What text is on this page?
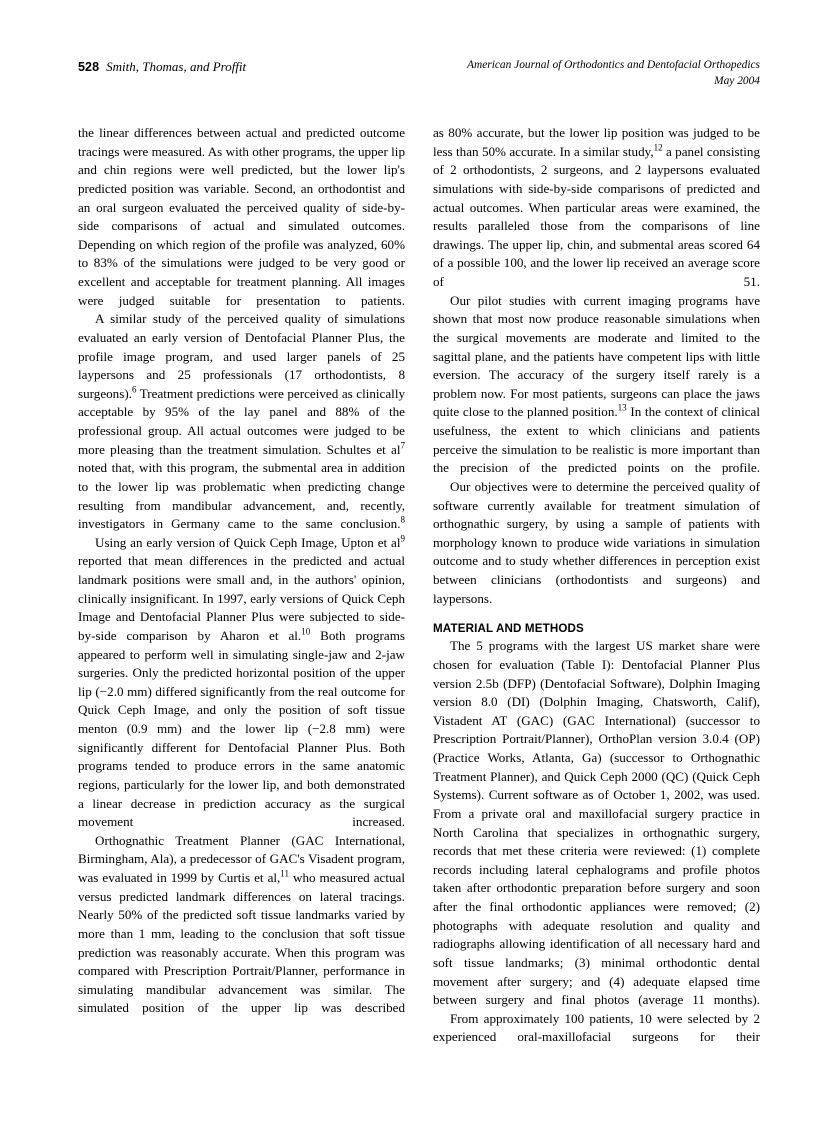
528 Smith, Thomas, and Proffit	American Journal of Orthodontics and Dentofacial Orthopedics
May 2004

the linear differences between actual and predicted outcome tracings were measured. As with other programs, the upper lip and chin regions were well predicted, but the lower lip's predicted position was variable. Second, an orthodontist and an oral surgeon evaluated the perceived quality of side-by-side comparisons of actual and simulated outcomes. Depending on which region of the profile was analyzed, 60% to 83% of the simulations were judged to be very good or excellent and acceptable for treatment planning. All images were judged suitable for presentation to patients.

A similar study of the perceived quality of simulations evaluated an early version of Dentofacial Planner Plus, the profile image program, and used larger panels of 25 laypersons and 25 professionals (17 orthodontists, 8 surgeons).$^6$ Treatment predictions were perceived as clinically acceptable by 95% of the lay panel and 88% of the professional group. All actual outcomes were judged to be more pleasing than the treatment simulation. Schultes et al$^7$ noted that, with this program, the submental area in addition to the lower lip was problematic when predicting change resulting from mandibular advancement, and, recently, investigators in Germany came to the same conclusion.$^8$

Using an early version of Quick Ceph Image, Upton et al$^9$ reported that mean differences in the predicted and actual landmark positions were small and, in the authors' opinion, clinically insignificant. In 1997, early versions of Quick Ceph Image and Dentofacial Planner Plus were subjected to side-by-side comparison by Aharon et al.$^{10}$ Both programs appeared to perform well in simulating single-jaw and 2-jaw surgeries. Only the predicted horizontal position of the upper lip (−2.0 mm) differed significantly from the real outcome for Quick Ceph Image, and only the position of soft tissue menton (0.9 mm) and the lower lip (−2.8 mm) were significantly different for Dentofacial Planner Plus. Both programs tended to produce errors in the same anatomic regions, particularly for the lower lip, and both demonstrated a linear decrease in prediction accuracy as the surgical movement increased.

Orthognathic Treatment Planner (GAC International, Birmingham, Ala), a predecessor of GAC's Visadent program, was evaluated in 1999 by Curtis et al,$^{11}$ who measured actual versus predicted landmark differences on lateral tracings. Nearly 50% of the predicted soft tissue landmarks varied by more than 1 mm, leading to the conclusion that soft tissue prediction was reasonably accurate. When this program was compared with Prescription Portrait/Planner, performance in simulating mandibular advancement was similar. The simulated position of the upper lip was described

as 80% accurate, but the lower lip position was judged to be less than 50% accurate. In a similar study,$^{12}$ a panel consisting of 2 orthodontists, 2 surgeons, and 2 laypersons evaluated simulations with side-by-side comparisons of predicted and actual outcomes. When particular areas were examined, the results paralleled those from the comparisons of line drawings. The upper lip, chin, and submental areas scored 64 of a possible 100, and the lower lip received an average score of 51.

Our pilot studies with current imaging programs have shown that most now produce reasonable simulations when the surgical movements are moderate and limited to the sagittal plane, and the patients have competent lips with little eversion. The accuracy of the surgery itself rarely is a problem now. For most patients, surgeons can place the jaws quite close to the planned position.$^{13}$ In the context of clinical usefulness, the extent to which clinicians and patients perceive the simulation to be realistic is more important than the precision of the predicted points on the profile.

Our objectives were to determine the perceived quality of software currently available for treatment simulation of orthognathic surgery, by using a sample of patients with morphology known to produce wide variations in simulation outcome and to study whether differences in perception exist between clinicians (orthodontists and surgeons) and laypersons.

MATERIAL AND METHODS

The 5 programs with the largest US market share were chosen for evaluation (Table I): Dentofacial Planner Plus version 2.5b (DFP) (Dentofacial Software), Dolphin Imaging version 8.0 (DI) (Dolphin Imaging, Chatsworth, Calif), Vistadent AT (GAC) (GAC International) (successor to Prescription Portrait/Planner), OrthoPlan version 3.0.4 (OP) (Practice Works, Atlanta, Ga) (successor to Orthognathic Treatment Planner), and Quick Ceph 2000 (QC) (Quick Ceph Systems). Current software as of October 1, 2002, was used. From a private oral and maxillofacial surgery practice in North Carolina that specializes in orthognathic surgery, records that met these criteria were reviewed: (1) complete records including lateral cephalograms and profile photos taken after orthodontic preparation before surgery and soon after the final orthodontic appliances were removed; (2) photographs with adequate resolution and quality and radiographs allowing identification of all necessary hard and soft tissue landmarks; (3) minimal orthodontic dental movement after surgery; and (4) adequate elapsed time between surgery and final photos (average 11 months).

From approximately 100 patients, 10 were selected by 2 experienced oral-maxillofacial surgeons for their
